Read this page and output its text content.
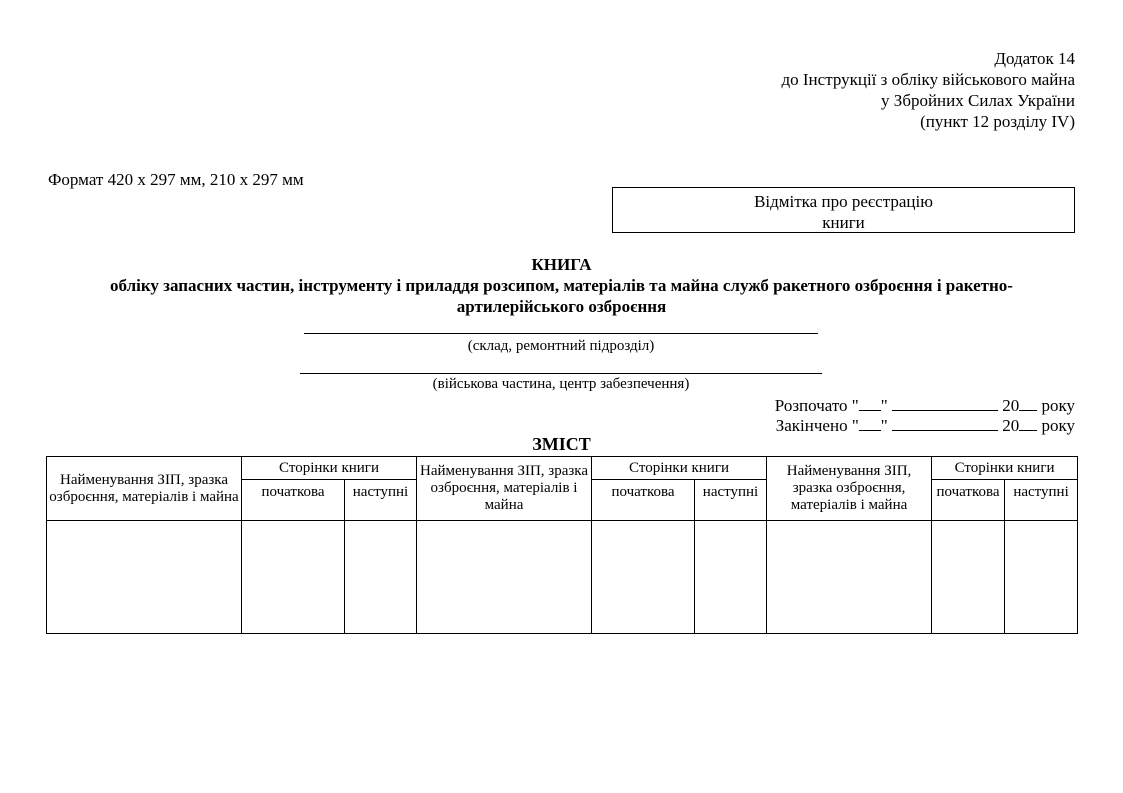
Додаток 14
до Інструкції з обліку військового майна
у Збройних Силах України
(пункт 12 розділу IV)
Формат 420 х 297 мм, 210 х 297 мм
Відмітка про реєстрацію
книги
КНИГА
обліку запасних частин, інструменту і приладдя розсипом, матеріалів та майна служб ракетного озброєння і ракетно-
артилерійського озброєння
(склад, ремонтний підрозділ)
(військова частина, центр забезпечення)
Розпочато " "	20 року
Закінчено " "	20 року
ЗМІСТ
Найменування ЗІП, зразка озброєння, матеріалів і майна	Сторінки книги		Найменування ЗІП, зразка озброєння, матеріалів і майна	Сторінки книги		Найменування ЗІП, зразка озброєння, матеріалів і майна	Сторінки книги	
	початкова	наступні		початкова	наступні		початкова	наступні
